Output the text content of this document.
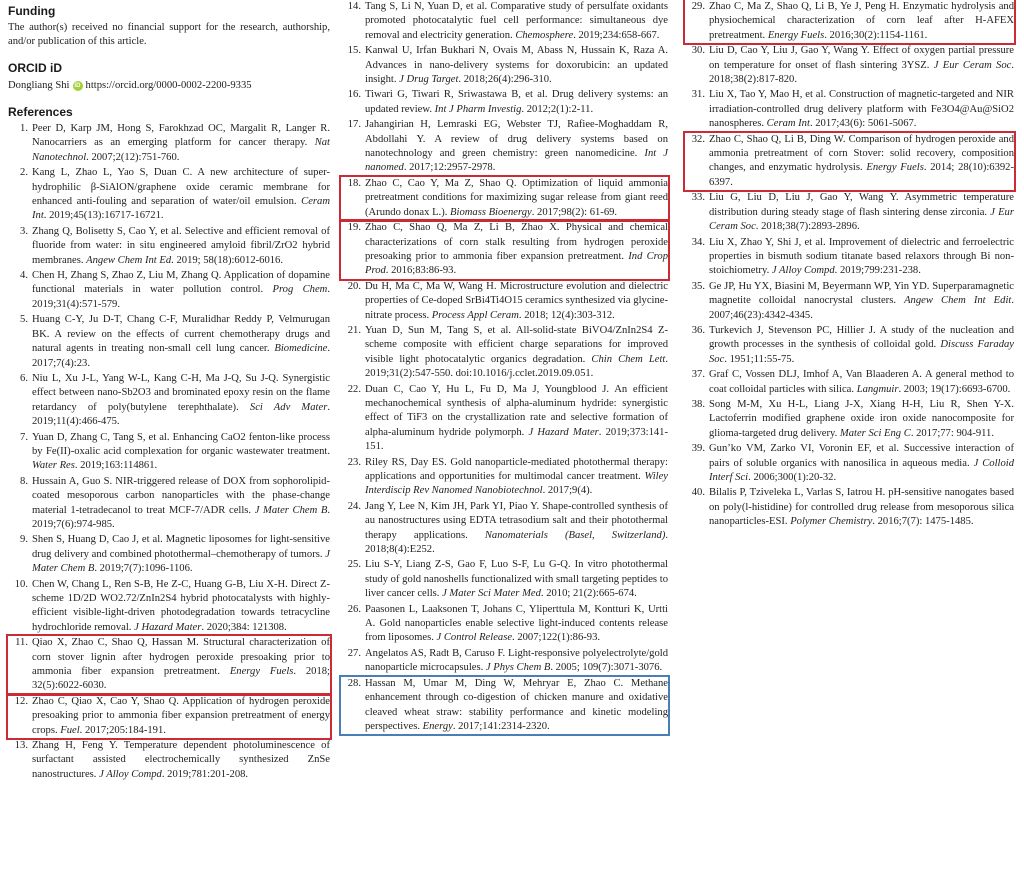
Funding

The author(s) received no financial support for the research, authorship, and/or publication of this article.

ORCID iD
Dongliang Shi iD https://orcid.org/0000-0002-2200-9335
References
1. Peer D, Karp JM, Hong S, Farokhzad OC, Margalit R, Langer R. Nanocarriers as an emerging platform for cancer therapy. Nat Nanotechnol. 2007;2(12):751-760.
2. Kang L, Zhao L, Yao S, Duan C. A new architecture of super-hydrophilic β-SiAlON/graphene oxide ceramic membrane for enhanced anti-fouling and separation of water/oil emulsion. Ceram Int. 2019;45(13):16717-16721.
3. Zhang Q, Bolisetty S, Cao Y, et al. Selective and efficient removal of fluoride from water: in situ engineered amyloid fibril/ZrO2 hybrid membranes. Angew Chem Int Ed. 2019; 58(18):6012-6016.
4. Chen H, Zhang S, Zhao Z, Liu M, Zhang Q. Application of dopamine functional materials in water pollution control. Prog Chem. 2019;31(4):571-579.
5. Huang C-Y, Ju D-T, Chang C-F, Muralidhar Reddy P, Velmurugan BK. A review on the effects of current chemotherapy drugs and natural agents in treating non-small cell lung cancer. Biomedicine. 2017;7(4):23.
6. Niu L, Xu J-L, Yang W-L, Kang C-H, Ma J-Q, Su J-Q. Synergistic effect between nano-Sb2O3 and brominated epoxy resin on the flame retardancy of poly(butylene terephthalate). Sci Adv Mater. 2019;11(4):466-475.
7. Yuan D, Zhang C, Tang S, et al. Enhancing CaO2 fenton-like process by Fe(II)-oxalic acid complexation for organic wastewater treatment. Water Res. 2019;163:114861.
8. Hussain A, Guo S. NIR-triggered release of DOX from sophorolipid-coated mesoporous carbon nanoparticles with the phase-change material 1-tetradecanol to treat MCF-7/ADR cells. J Mater Chem B. 2019;7(6):974-985.
9. Shen S, Huang D, Cao J, et al. Magnetic liposomes for light-sensitive drug delivery and combined photothermal–chemotherapy of tumors. J Mater Chem B. 2019;7(7):1096-1106.
10. Chen W, Chang L, Ren S-B, He Z-C, Huang G-B, Liu X-H. Direct Z-scheme 1D/2D WO2.72/ZnIn2S4 hybrid photocatalysts with highly-efficient visible-light-driven photodegradation towards tetracycline hydrochloride removal. J Hazard Mater. 2020;384: 121308.
11. Qiao X, Zhao C, Shao Q, Hassan M. Structural characterization of corn stover lignin after hydrogen peroxide presoaking prior to ammonia fiber expansion pretreatment. Energy Fuels. 2018; 32(5):6022-6030.
12. Zhao C, Qiao X, Cao Y, Shao Q. Application of hydrogen peroxide presoaking prior to ammonia fiber expansion pretreatment of energy crops. Fuel. 2017;205:184-191.
13. Zhang H, Feng Y. Temperature dependent photoluminescence of surfactant assisted electrochemically synthesized ZnSe nanostructures. J Alloy Compd. 2019;781:201-208.
14. Tang S, Li N, Yuan D, et al. Comparative study of persulfate oxidants promoted photocatalytic fuel cell performance: simultaneous dye removal and electricity generation. Chemosphere. 2019;234:658-667.
15. Kanwal U, Irfan Bukhari N, Ovais M, Abass N, Hussain K, Raza A. Advances in nano-delivery systems for doxorubicin: an updated insight. J Drug Target. 2018;26(4):296-310.
16. Tiwari G, Tiwari R, Sriwastawa B, et al. Drug delivery systems: an updated review. Int J Pharm Investig. 2012;2(1):2-11.
17. Jahangirian H, Lemraski EG, Webster TJ, Rafiee-Moghaddam R, Abdollahi Y. A review of drug delivery systems based on nanotechnology and green chemistry: green nanomedicine. Int J nanomed. 2017;12:2957-2978.
18. Zhao C, Cao Y, Ma Z, Shao Q. Optimization of liquid ammonia pretreatment conditions for maximizing sugar release from giant reed (Arundo donax L.). Biomass Bioenergy. 2017;98(2): 61-69.
19. Zhao C, Shao Q, Ma Z, Li B, Zhao X. Physical and chemical characterizations of corn stalk resulting from hydrogen peroxide presoaking prior to ammonia fiber expansion pretreatment. Ind Crop Prod. 2016;83:86-93.
20. Du H, Ma C, Ma W, Wang H. Microstructure evolution and dielectric properties of Ce-doped SrBi4Ti4O15 ceramics synthesized via glycine-nitrate process. Process Appl Ceram. 2018; 12(4):303-312.
21. Yuan D, Sun M, Tang S, et al. All-solid-state BiVO4/ZnIn2S4 Z-scheme composite with efficient charge separations for improved visible light photocatalytic organics degradation. Chin Chem Lett. 2019;31(2):547-550. doi:10.1016/j.cclet.2019.09.051.
22. Duan C, Cao Y, Hu L, Fu D, Ma J, Youngblood J. An efficient mechanochemical synthesis of alpha-aluminum hydride: synergistic effect of TiF3 on the crystallization rate and selective formation of alpha-aluminum hydride polymorph. J Hazard Mater. 2019;373:141-151.
23. Riley RS, Day ES. Gold nanoparticle-mediated photothermal therapy: applications and opportunities for multimodal cancer treatment. Wiley Interdiscip Rev Nanomed Nanobiotechnol. 2017;9(4).
24. Jang Y, Lee N, Kim JH, Park YI, Piao Y. Shape-controlled synthesis of au nanostructures using EDTA tetrasodium salt and their photothermal therapy applications. Nanomaterials (Basel, Switzerland). 2018;8(4):E252.
25. Liu S-Y, Liang Z-S, Gao F, Luo S-F, Lu G-Q. In vitro photothermal study of gold nanoshells functionalized with small targeting peptides to liver cancer cells. J Mater Sci Mater Med. 2010; 21(2):665-674.
26. Paasonen L, Laaksonen T, Johans C, Yliperttula M, Kontturi K, Urtti A. Gold nanoparticles enable selective light-induced contents release from liposomes. J Control Release. 2007;122(1):86-93.
27. Angelatos AS, Radt B, Caruso F. Light-responsive polyelectrolyte/gold nanoparticle microcapsules. J Phys Chem B. 2005; 109(7):3071-3076.
28. Hassan M, Umar M, Ding W, Mehryar E, Zhao C. Methane enhancement through co-digestion of chicken manure and oxidative cleaved wheat straw: stability performance and kinetic modeling perspectives. Energy. 2017;141:2314-2320.
29. Zhao C, Ma Z, Shao Q, Li B, Ye J, Peng H. Enzymatic hydrolysis and physiochemical characterization of corn leaf after H-AFEX pretreatment. Energy Fuels. 2016;30(2):1154-1161.
30. Liu D, Cao Y, Liu J, Gao Y, Wang Y. Effect of oxygen partial pressure on temperature for onset of flash sintering 3YSZ. J Eur Ceram Soc. 2018;38(2):817-820.
31. Liu X, Tao Y, Mao H, et al. Construction of magnetic-targeted and NIR irradiation-controlled drug delivery platform with Fe3O4@Au@SiO2 nanospheres. Ceram Int. 2017;43(6): 5061-5067.
32. Zhao C, Shao Q, Li B, Ding W. Comparison of hydrogen peroxide and ammonia pretreatment of corn Stover: solid recovery, composition changes, and enzymatic hydrolysis. Energy Fuels. 2014; 28(10):6392-6397.
33. Liu G, Liu D, Liu J, Gao Y, Wang Y. Asymmetric temperature distribution during steady stage of flash sintering dense zirconia. J Eur Ceram Soc. 2018;38(7):2893-2896.
34. Liu X, Zhao Y, Shi J, et al. Improvement of dielectric and ferroelectric properties in bismuth sodium titanate based relaxors through Bi non-stoichiometry. J Alloy Compd. 2019;799:231-238.
35. Ge JP, Hu YX, Biasini M, Beyermann WP, Yin YD. Superparamagnetic magnetite colloidal nanocrystal clusters. Angew Chem Int Edit. 2007;46(23):4342-4345.
36. Turkevich J, Stevenson PC, Hillier J. A study of the nucleation and growth processes in the synthesis of colloidal gold. Discuss Faraday Soc. 1951;11:55-75.
37. Graf C, Vossen DLJ, Imhof A, Van Blaaderen A. A general method to coat colloidal particles with silica. Langmuir. 2003; 19(17):6693-6700.
38. Song M-M, Xu H-L, Liang J-X, Xiang H-H, Liu R, Shen Y-X. Lactoferrin modified graphene oxide iron oxide nanocomposite for glioma-targeted drug delivery. Mater Sci Eng C. 2017;77: 904-911.
39. Gun’ko VM, Zarko VI, Voronin EF, et al. Successive interaction of pairs of soluble organics with nanosilica in aqueous media. J Colloid Interf Sci. 2006;300(1):20-32.
40. Bilalis P, Tzivelekа L, Varlas S, Iatrou H. pH-sensitive nanogates based on poly(l-histidine) for controlled drug release from mesoporous silica nanoparticles-ESI. Polymer Chemistry. 2016;7(7): 1475-1485.
